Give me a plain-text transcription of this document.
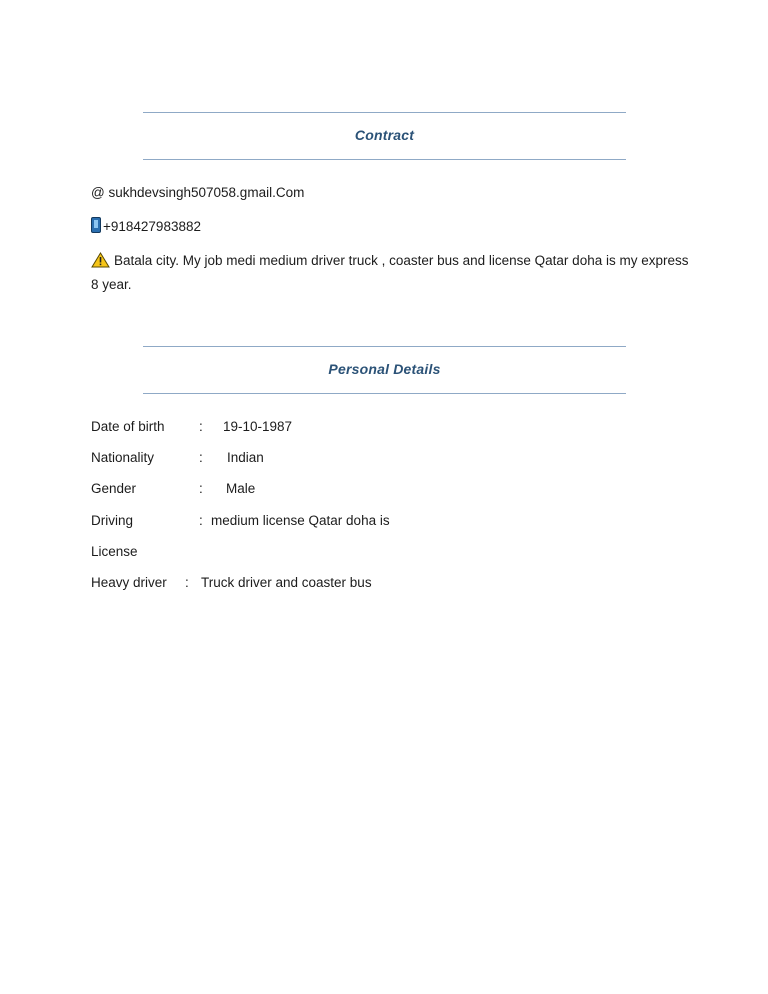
Contract
@ sukhdevsingh507058.gmail.Com
+918427983882
Batala city. My job medi medium driver truck , coaster bus and license Qatar doha is my express 8 year.
Personal Details
Date of birth	: 19-10-1987
Nationality	: Indian
Gender	: Male
Driving	: medium license Qatar doha is
License
Heavy driver : Truck driver and coaster bus
